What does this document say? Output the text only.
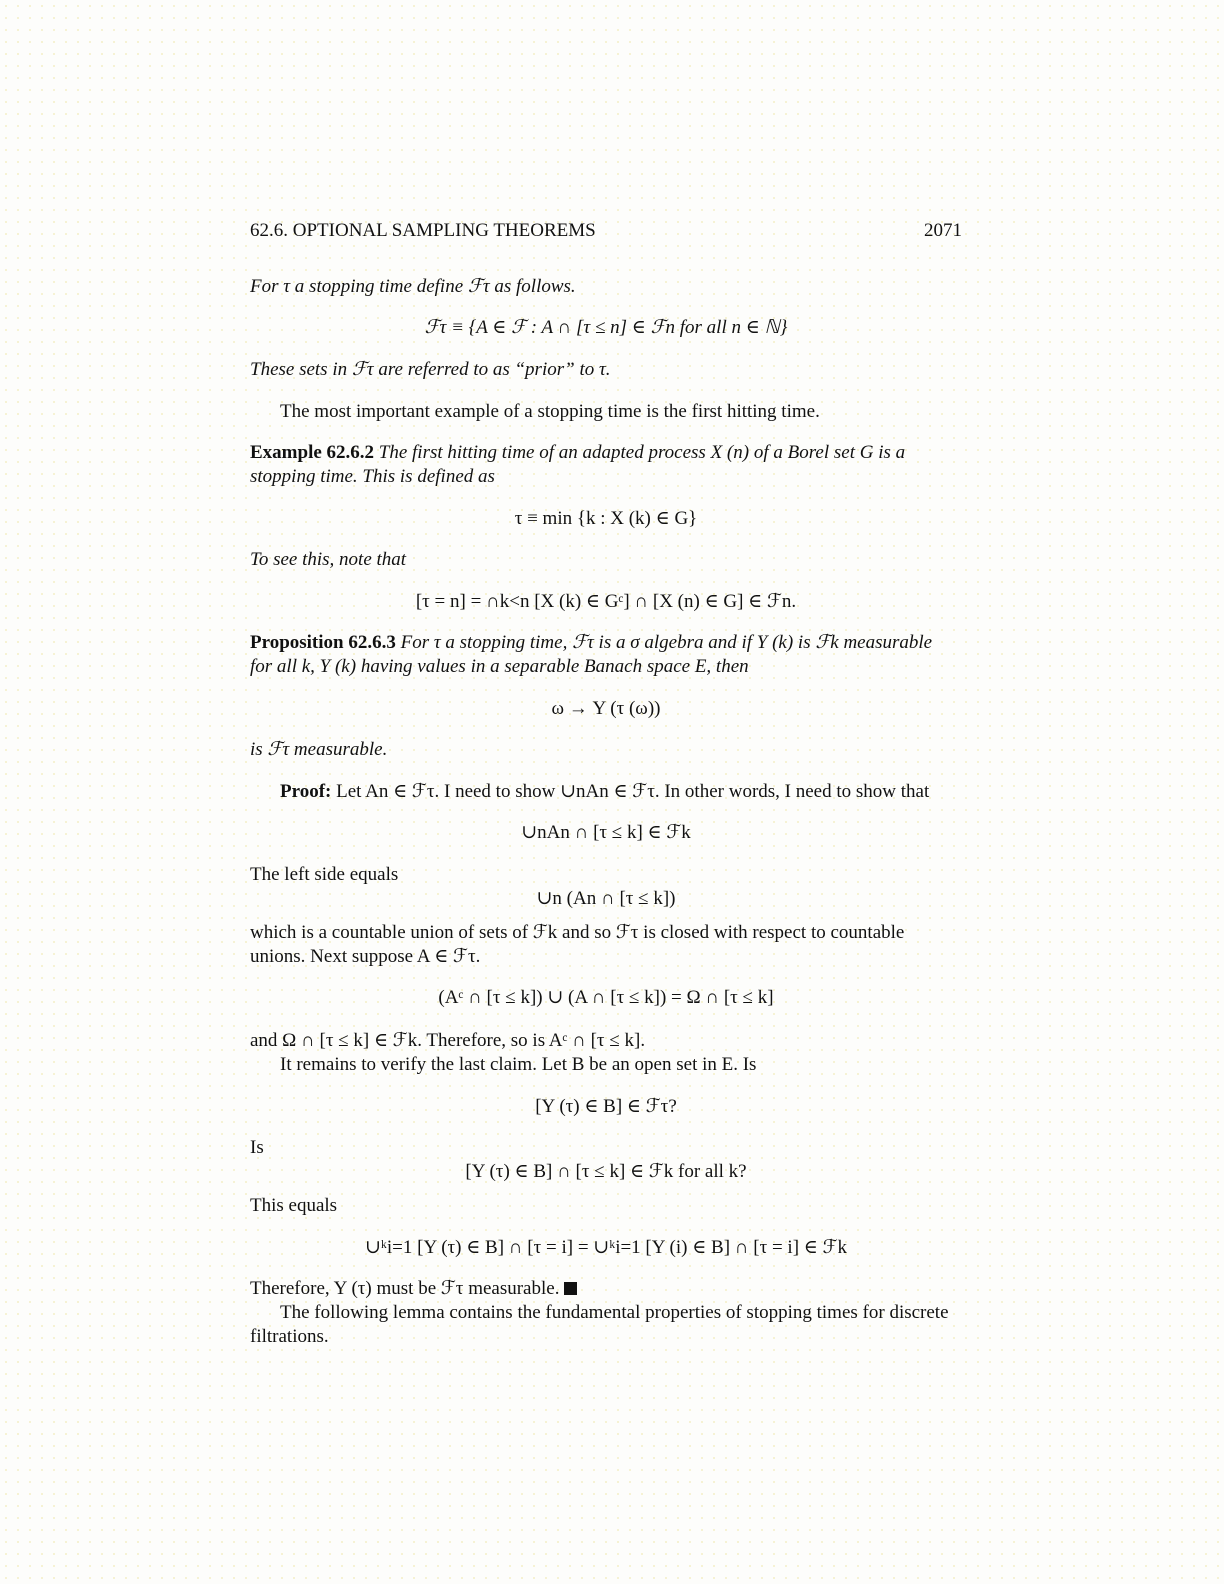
62.6. OPTIONAL SAMPLING THEOREMS	2071
For τ a stopping time define ℱτ as follows.
ℱτ ≡ {A ∈ ℱ : A ∩ [τ ≤ n] ∈ ℱn for all n ∈ ℕ}
These sets in ℱτ are referred to as “prior” to τ.
The most important example of a stopping time is the first hitting time.
Example 62.6.2 The first hitting time of an adapted process X (n) of a Borel set G is a
stopping time. This is defined as
τ ≡ min {k : X (k) ∈ G}
To see this, note that
[τ = n] = ∩k<n [X (k) ∈ Gᶜ] ∩ [X (n) ∈ G] ∈ ℱn.
Proposition 62.6.3 For τ a stopping time, ℱτ is a σ algebra and if Y (k) is ℱk measurable
for all k, Y (k) having values in a separable Banach space E, then
ω → Y (τ (ω))
is ℱτ measurable.
Proof: Let An ∈ ℱτ. I need to show ∪nAn ∈ ℱτ. In other words, I need to show that
∪nAn ∩ [τ ≤ k] ∈ ℱk
The left side equals
∪n (An ∩ [τ ≤ k])
which is a countable union of sets of ℱk and so ℱτ is closed with respect to countable
unions. Next suppose A ∈ ℱτ.
(Aᶜ ∩ [τ ≤ k]) ∪ (A ∩ [τ ≤ k]) = Ω ∩ [τ ≤ k]
and Ω ∩ [τ ≤ k] ∈ ℱk. Therefore, so is Aᶜ ∩ [τ ≤ k].
It remains to verify the last claim. Let B be an open set in E. Is
[Y (τ) ∈ B] ∈ ℱτ?
Is
[Y (τ) ∈ B] ∩ [τ ≤ k] ∈ ℱk for all k?
This equals
∪ᵏi=1 [Y (τ) ∈ B] ∩ [τ = i] = ∪ᵏi=1 [Y (i) ∈ B] ∩ [τ = i] ∈ ℱk
Therefore, Y (τ) must be ℱτ measurable.
The following lemma contains the fundamental properties of stopping times for discrete
filtrations.
